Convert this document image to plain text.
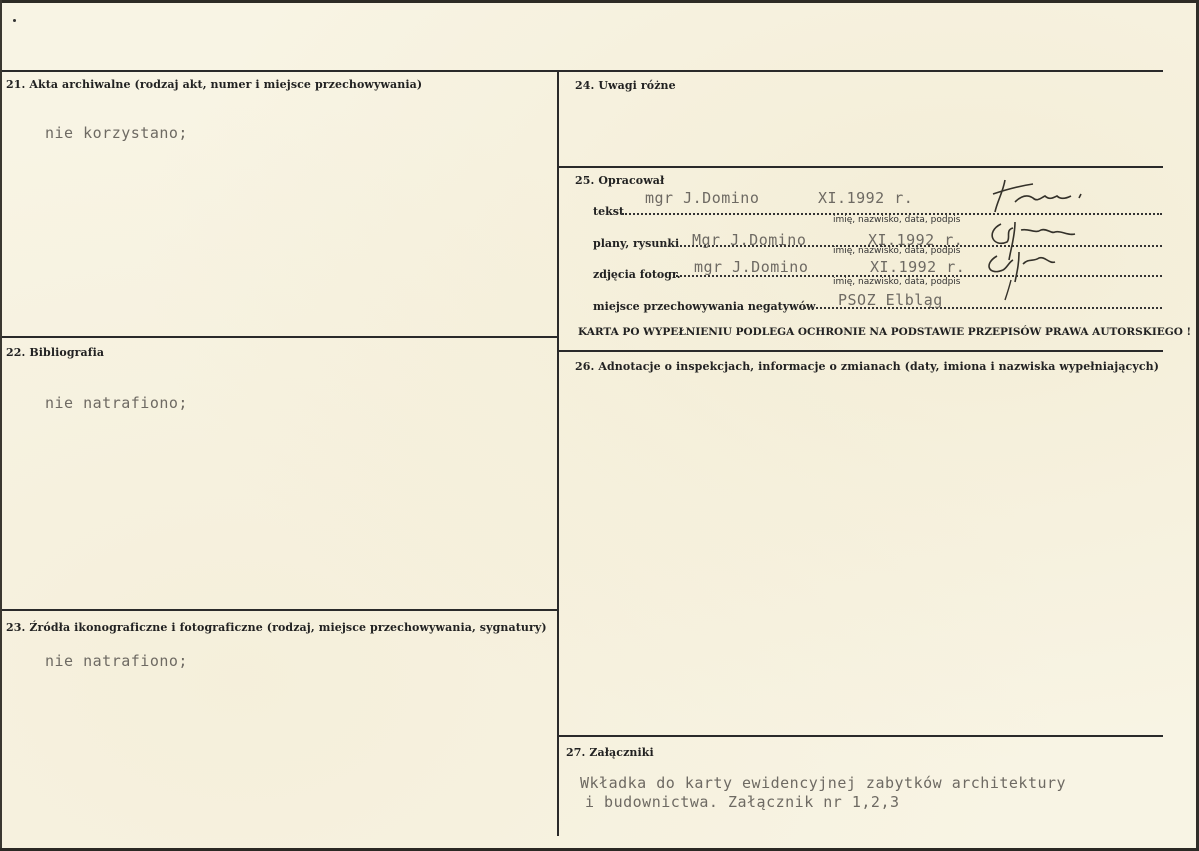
21. Akta archiwalne (rodzaj akt, numer i miejsce przechowywania)
nie korzystano;
22. Bibliografia
nie natrafiono;
23. Źródła ikonograficzne i fotograficzne (rodzaj, miejsce przechowywania, sygnatury)
nie natrafiono;
24. Uwagi różne
25. Opracował
tekst
mgr J.Domino	XI.1992 r.
imię, nazwisko, data, podpis
plany, rysunki Mgr J.Domino	XI.1992 r.
imię, nazwisko, data, podpis
zdjęcia fotogr. mgr J.Domino	XI.1992 r.
imię, nazwisko, data, podpis
miejsce przechowywania negatywów PSOZ Elbląg
KARTA PO WYPEŁNIENIU PODLEGA OCHRONIE NA PODSTAWIE PRZEPISÓW PRAWA AUTORSKIEGO !
26. Adnotacje o inspekcjach, informacje o zmianach (daty, imiona i nazwiska wypełniających)
27. Załączniki
Wkładka do karty ewidencyjnej zabytków architektury
i budownictwa. Załącznik nr 1,2,3
